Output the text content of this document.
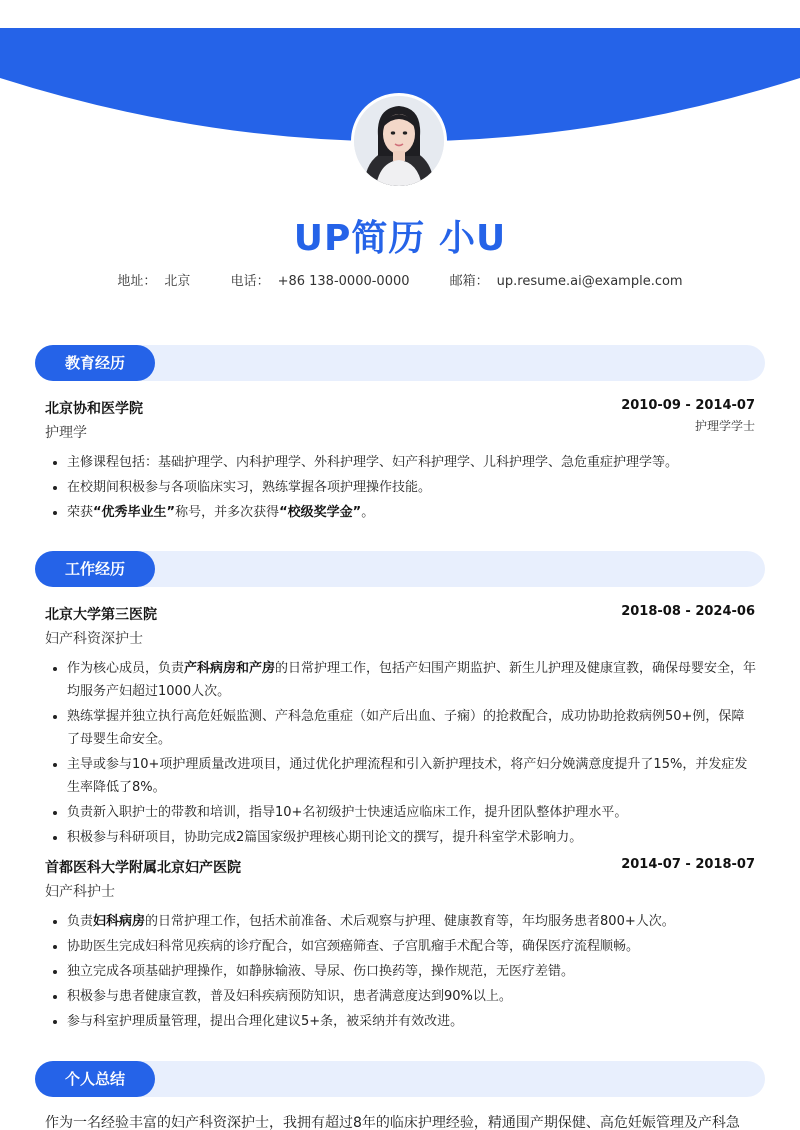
UP简历 小U
地址： 北京	电话： +86 138-0000-0000	邮箱： up.resume.ai@example.com
教育经历
北京协和医学院	2010-09 - 2014-07
护理学	护理学学士
• 主修课程包括：基础护理学、内科护理学、外科护理学、妇产科护理学、儿科护理学、急危重症护理学等。
• 在校期间积极参与各项临床实习，熟练掌握各项护理操作技能。
• 荣获“优秀毕业生”称号，并多次获得“校级奖学金”。
工作经历
北京大学第三医院	2018-08 - 2024-06
妇产科资深护士
• 作为核心成员，负责产科病房和产房的日常护理工作，包括产妇围产期监护、新生儿护理及健康宣教，确保母婴安全，年均服务产妇超过1000人次。
• 熟练掌握并独立执行高危妊娠监测、产科急危重症（如产后出血、子痫）的抢救配合，成功协助抢救病例50+例，保障了母婴生命安全。
• 主导或参与10+项护理质量改进项目，通过优化护理流程和引入新护理技术，将产妇分娩满意度提升了15%，并发症发生率降低了8%。
• 负责新入职护士的带教和培训，指导10+名初级护士快速适应临床工作，提升团队整体护理水平。
• 积极参与科研项目，协助完成2篇国家级护理核心期刊论文的撰写，提升科室学术影响力。
首都医科大学附属北京妇产医院	2014-07 - 2018-07
妇产科护士
• 负责妇科病房的日常护理工作，包括术前准备、术后观察与护理、健康教育等，年均服务患者800+人次。
• 协助医生完成妇科常见疾病的诊疗配合，如宫颈癌筛查、子宫肌瘤手术配合等，确保医疗流程顺畅。
• 独立完成各项基础护理操作，如静脉输液、导尿、伤口换药等，操作规范，无医疗差错。
• 积极参与患者健康宣教，普及妇科疾病预防知识，患者满意度达到90%以上。
• 参与科室护理质量管理，提出合理化建议5+条，被采纳并有效改进。
个人总结
作为一名经验丰富的妇产科资深护士，我拥有超过8年的临床护理经验，精通围产期保健、高危妊娠管理及产科急
